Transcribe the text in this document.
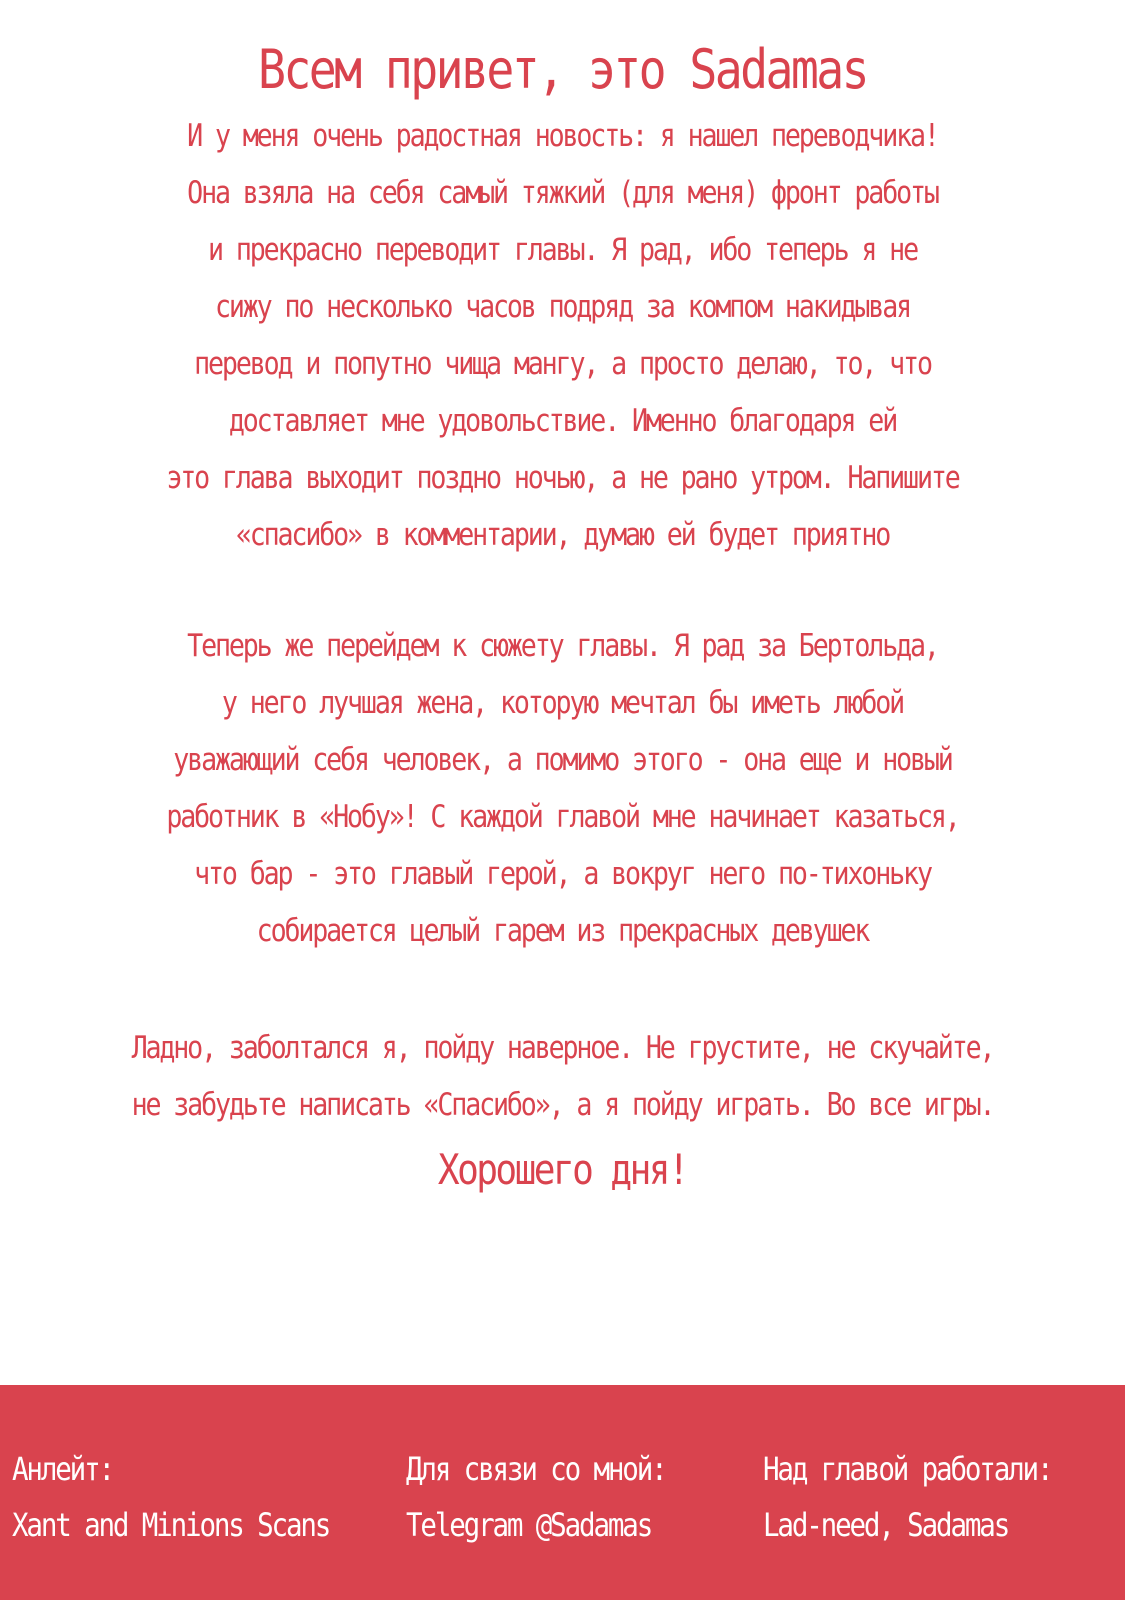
Всем привет, это Sadamas
И у меня очень радостная новость: я нашел переводчика!
Она взяла на себя самый тяжкий (для меня) фронт работы
и прекрасно переводит главы. Я рад, ибо теперь я не
сижу по несколько часов подряд за компом накидывая
перевод и попутно чища мангу, а просто делаю, то, что
доставляет мне удовольствие. Именно благодаря ей
это глава выходит поздно ночью, а не рано утром. Напишите
«спасибо» в комментарии, думаю ей будет приятно
Теперь же перейдем к сюжету главы. Я рад за Бертольда,
у него лучшая жена, которую мечтал бы иметь любой
уважающий себя человек, а помимо этого - она еще и новый
работник в «Нобу»! С каждой главой мне начинает казаться,
что бар - это главый герой, а вокруг него по-тихоньку
собирается целый гарем из прекрасных девушек
Ладно, заболтался я, пойду наверное. Не грустите, не скучайте,
не забудьте написать «Спасибо», а я пойду играть. Во все игры.
Хорошего дня!
Анлейт:
Xant and Minions Scans
Для связи со мной:
Telegram @Sadamas
Над главой работали:
Lad-need, Sadamas
